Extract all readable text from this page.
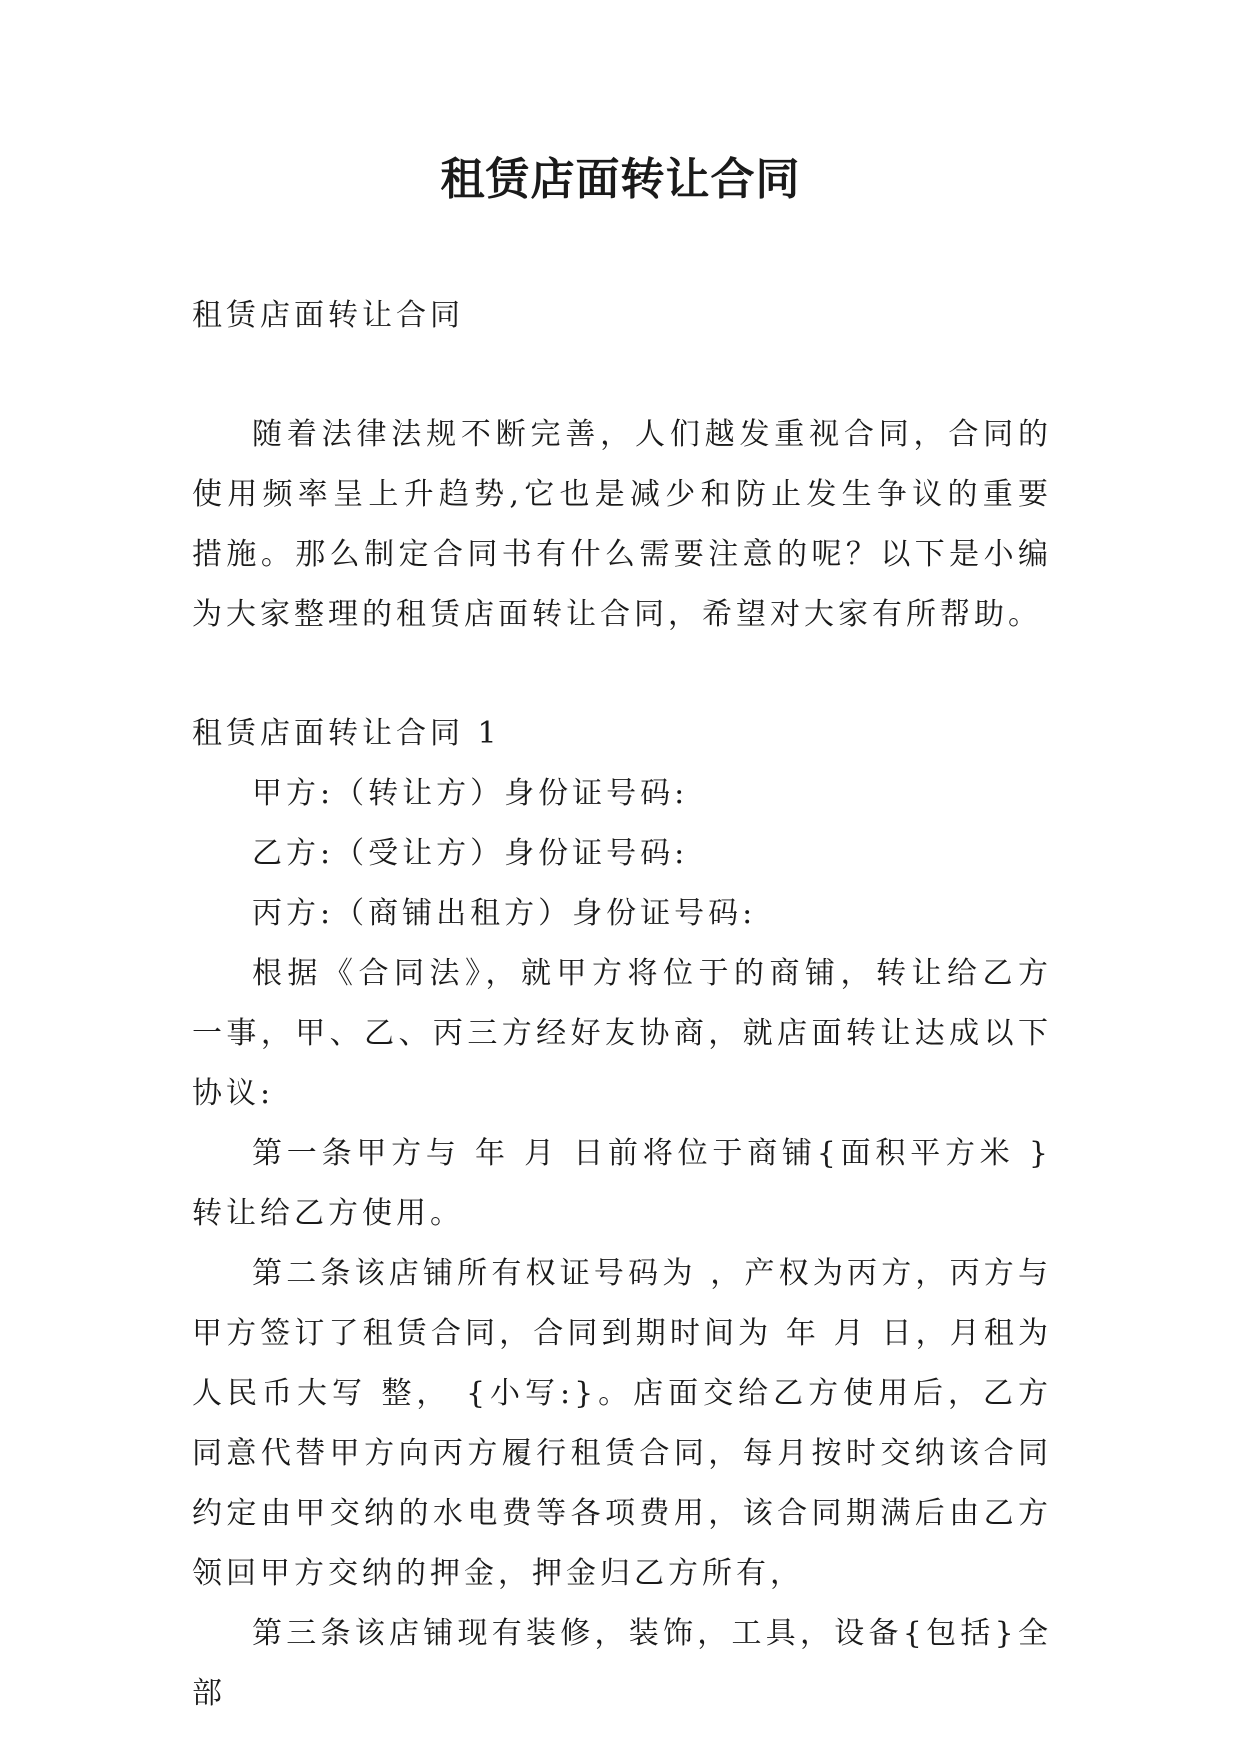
租赁店面转让合同

租赁店面转让合同

随着法律法规不断完善，人们越发重视合同，合同的使用频率呈上升趋势,它也是减少和防止发生争议的重要措施。那么制定合同书有什么需要注意的呢？以下是小编为大家整理的租赁店面转让合同，希望对大家有所帮助。

租赁店面转让合同 1

甲方:（转让方）身份证号码:

乙方:（受让方）身份证号码:

丙方:（商铺出租方）身份证号码:

根据《合同法》，就甲方将位于的商铺，转让给乙方一事，甲、乙、丙三方经好友协商，就店面转让达成以下协议:

第一条甲方与 年 月 日前将位于商铺{面积平方米 }转让给乙方使用。

第二条该店铺所有权证号码为 ，产权为丙方，丙方与甲方签订了租赁合同，合同到期时间为 年 月 日，月租为人民币大写 整， {小写:}。店面交给乙方使用后，乙方同意代替甲方向丙方履行租赁合同，每月按时交纳该合同约定由甲交纳的水电费等各项费用，该合同期满后由乙方领回甲方交纳的押金，押金归乙方所有，

第三条该店铺现有装修，装饰，工具，设备{包括}全部
